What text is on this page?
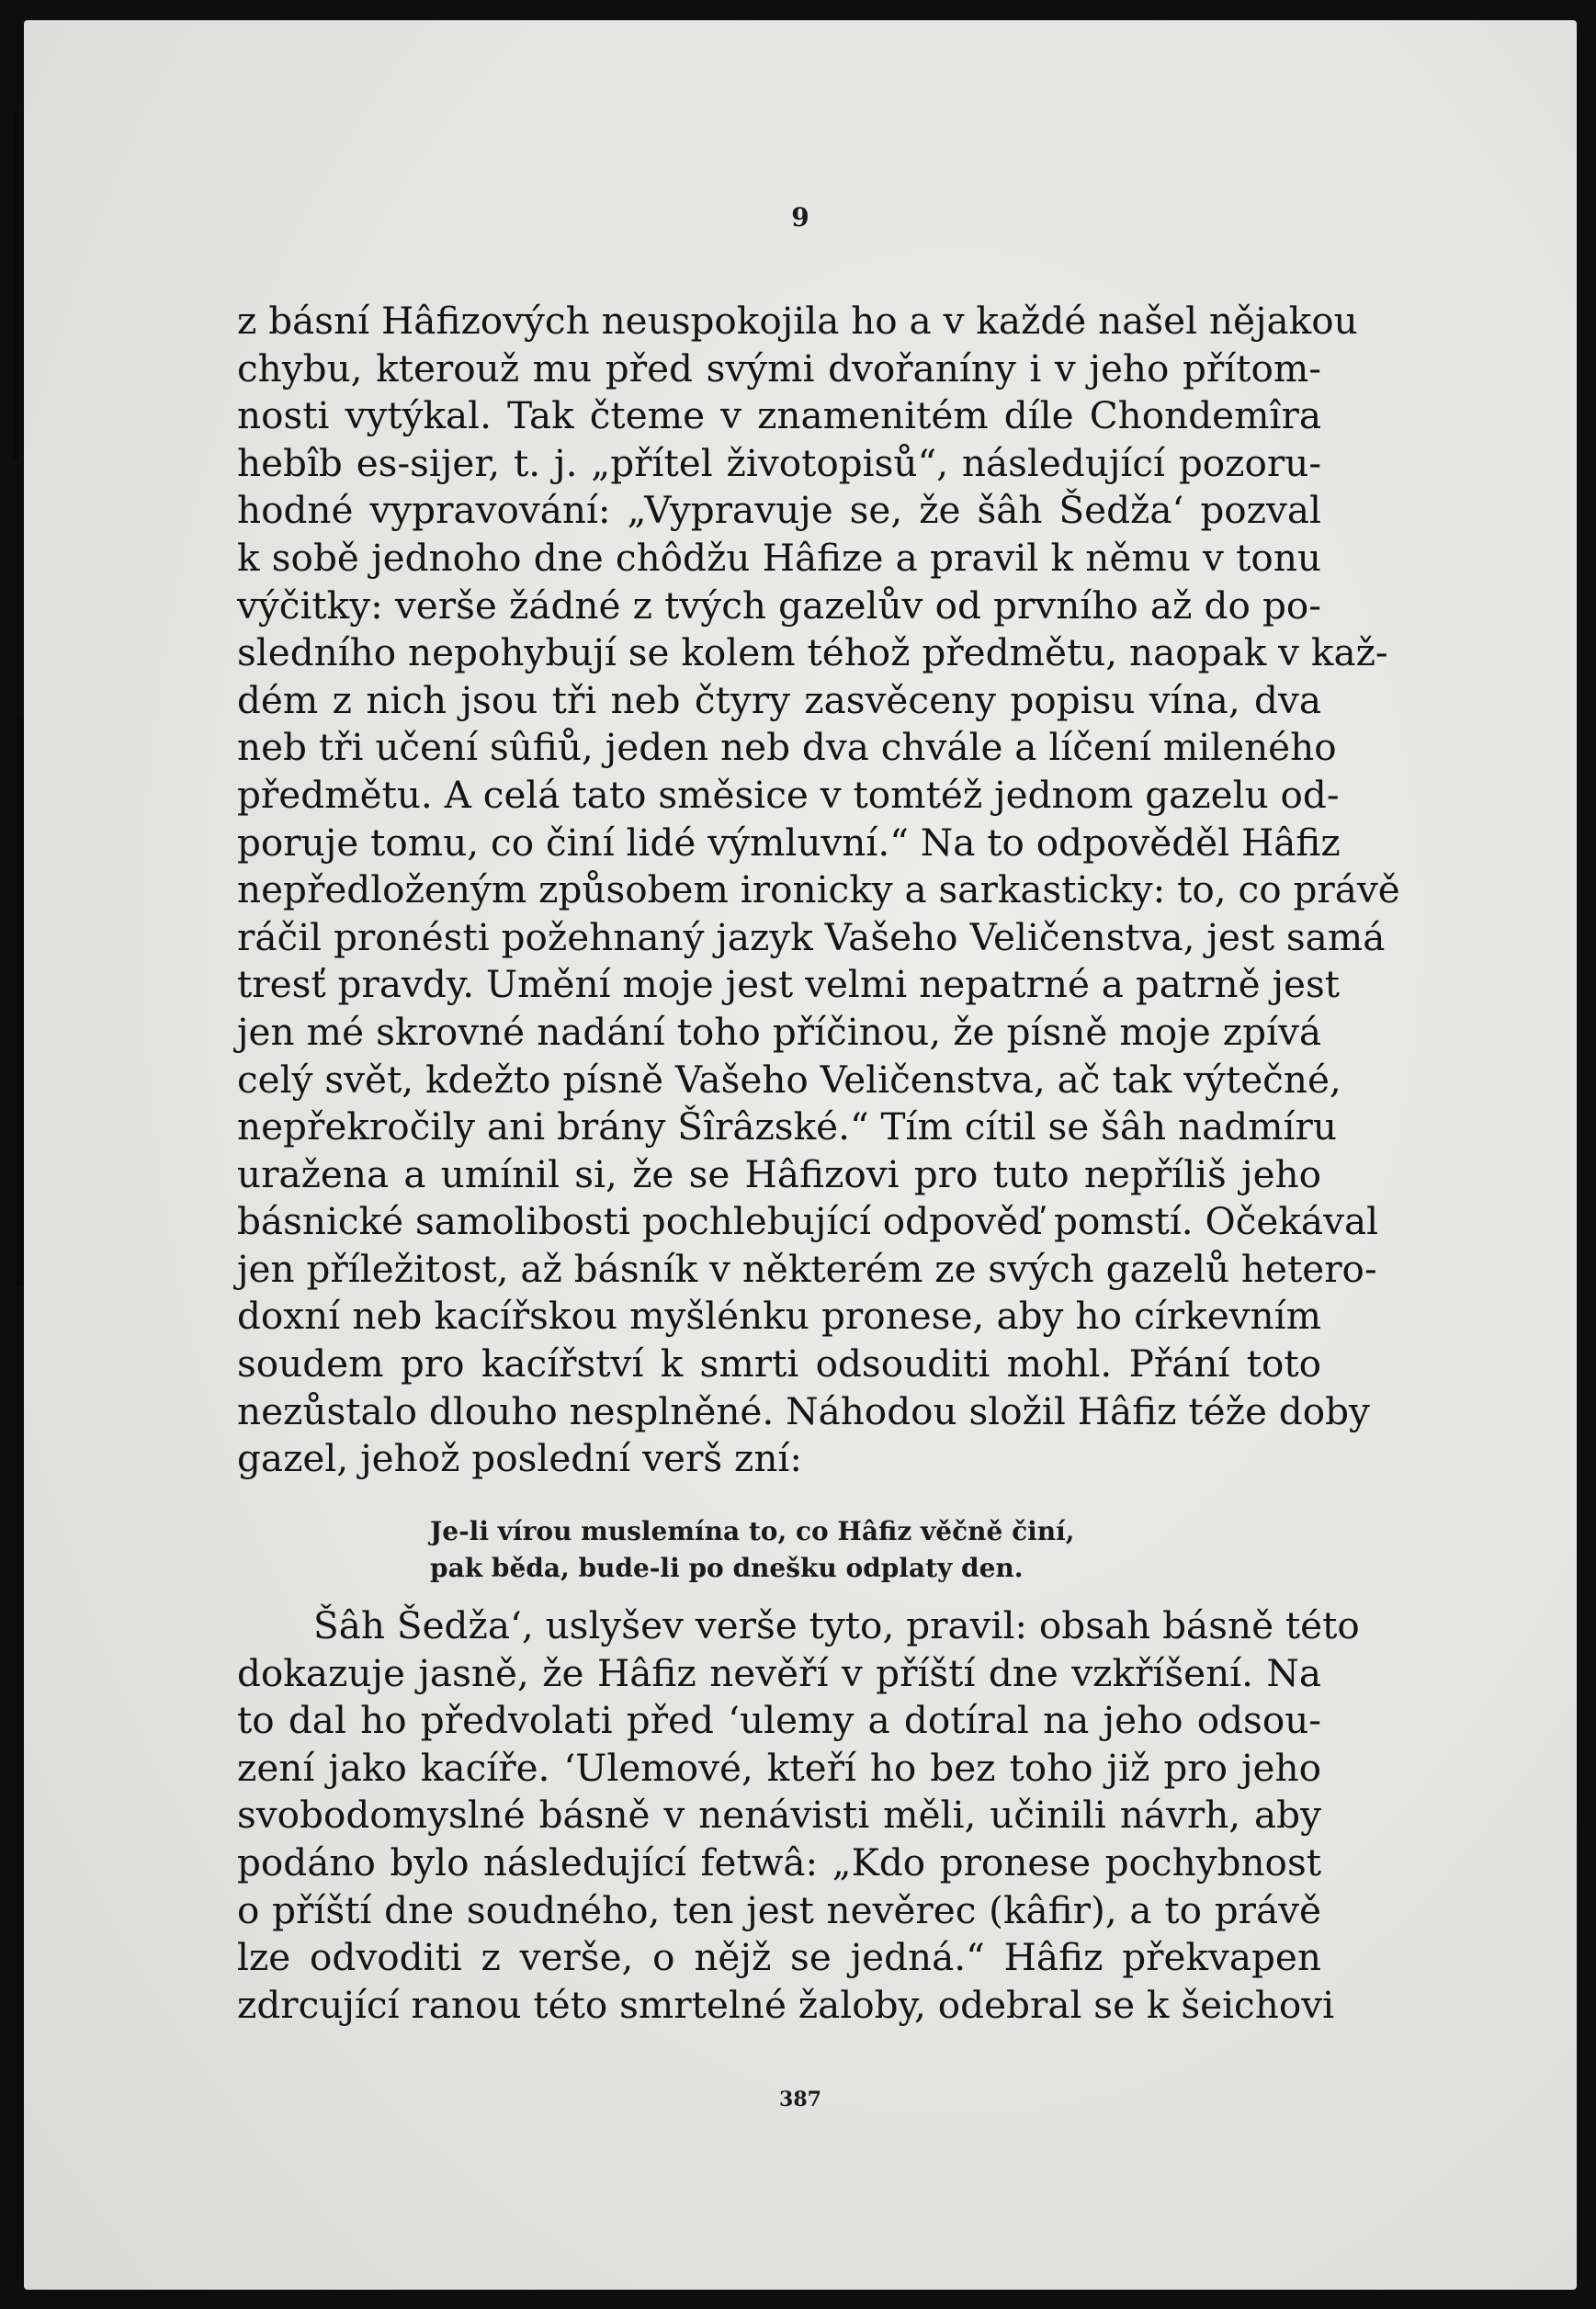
9
z básní Hâfizových neuspokojila ho a v každé našel nějakou
chybu, kterouž mu před svými dvořaníny i v jeho přítom-
nosti vytýkal. Tak čteme v znamenitém díle Chondemîra
hebîb es-sijer, t. j. „přítel životopisů“, následující pozoru-
hodné vypravování: „Vypravuje se, že šâh Šedža‘ pozval
k sobě jednoho dne chôdžu Hâfize a pravil k němu v tonu
výčitky: verše žádné z tvých gazelův od prvního až do po-
sledního nepohybují se kolem téhož předmětu, naopak v kaž-
dém z nich jsou tři neb čtyry zasvěceny popisu vína, dva
neb tři učení sûfiů, jeden neb dva chvále a líčení mileného
předmětu. A celá tato směsice v tomtéž jednom gazelu od-
poruje tomu, co činí lidé výmluvní.“ Na to odpověděl Hâfiz
nepředloženým způsobem ironicky a sarkasticky: to, co právě
ráčil pronésti požehnaný jazyk Vašeho Veličenstva, jest samá
tresť pravdy. Umění moje jest velmi nepatrné a patrně jest
jen mé skrovné nadání toho příčinou, že písně moje zpívá
celý svět, kdežto písně Vašeho Veličenstva, ač tak výtečné,
nepřekročily ani brány Šîrâzské.“ Tím cítil se šâh nadmíru
uražena a umínil si, že se Hâfizovi pro tuto nepříliš jeho
básnické samolibosti pochlebující odpověď pomstí. Očekával
jen příležitost, až básník v některém ze svých gazelů hetero-
doxní neb kacířskou myšlénku pronese, aby ho církevním
soudem pro kacířství k smrti odsouditi mohl. Přání toto
nezůstalo dlouho nesplněné. Náhodou složil Hâfiz téže doby
gazel, jehož poslední verš zní:
Je-li vírou muslemína to, co Hâfiz věčně činí,
pak běda, bude-li po dnešku odplaty den.
Šâh Šedža‘, uslyšev verše tyto, pravil: obsah básně této
dokazuje jasně, že Hâfiz nevěří v příští dne vzkříšení. Na
to dal ho předvolati před ‘ulemy a dotíral na jeho odsou-
zení jako kacíře. ‘Ulemové, kteří ho bez toho již pro jeho
svobodomyslné básně v nenávisti měli, učinili návrh, aby
podáno bylo následující fetwâ: „Kdo pronese pochybnost
o příští dne soudného, ten jest nevěrec (kâfir), a to právě
lze odvoditi z verše, o nějž se jedná.“ Hâfiz překvapen
zdrcující ranou této smrtelné žaloby, odebral se k šeichovi
387
